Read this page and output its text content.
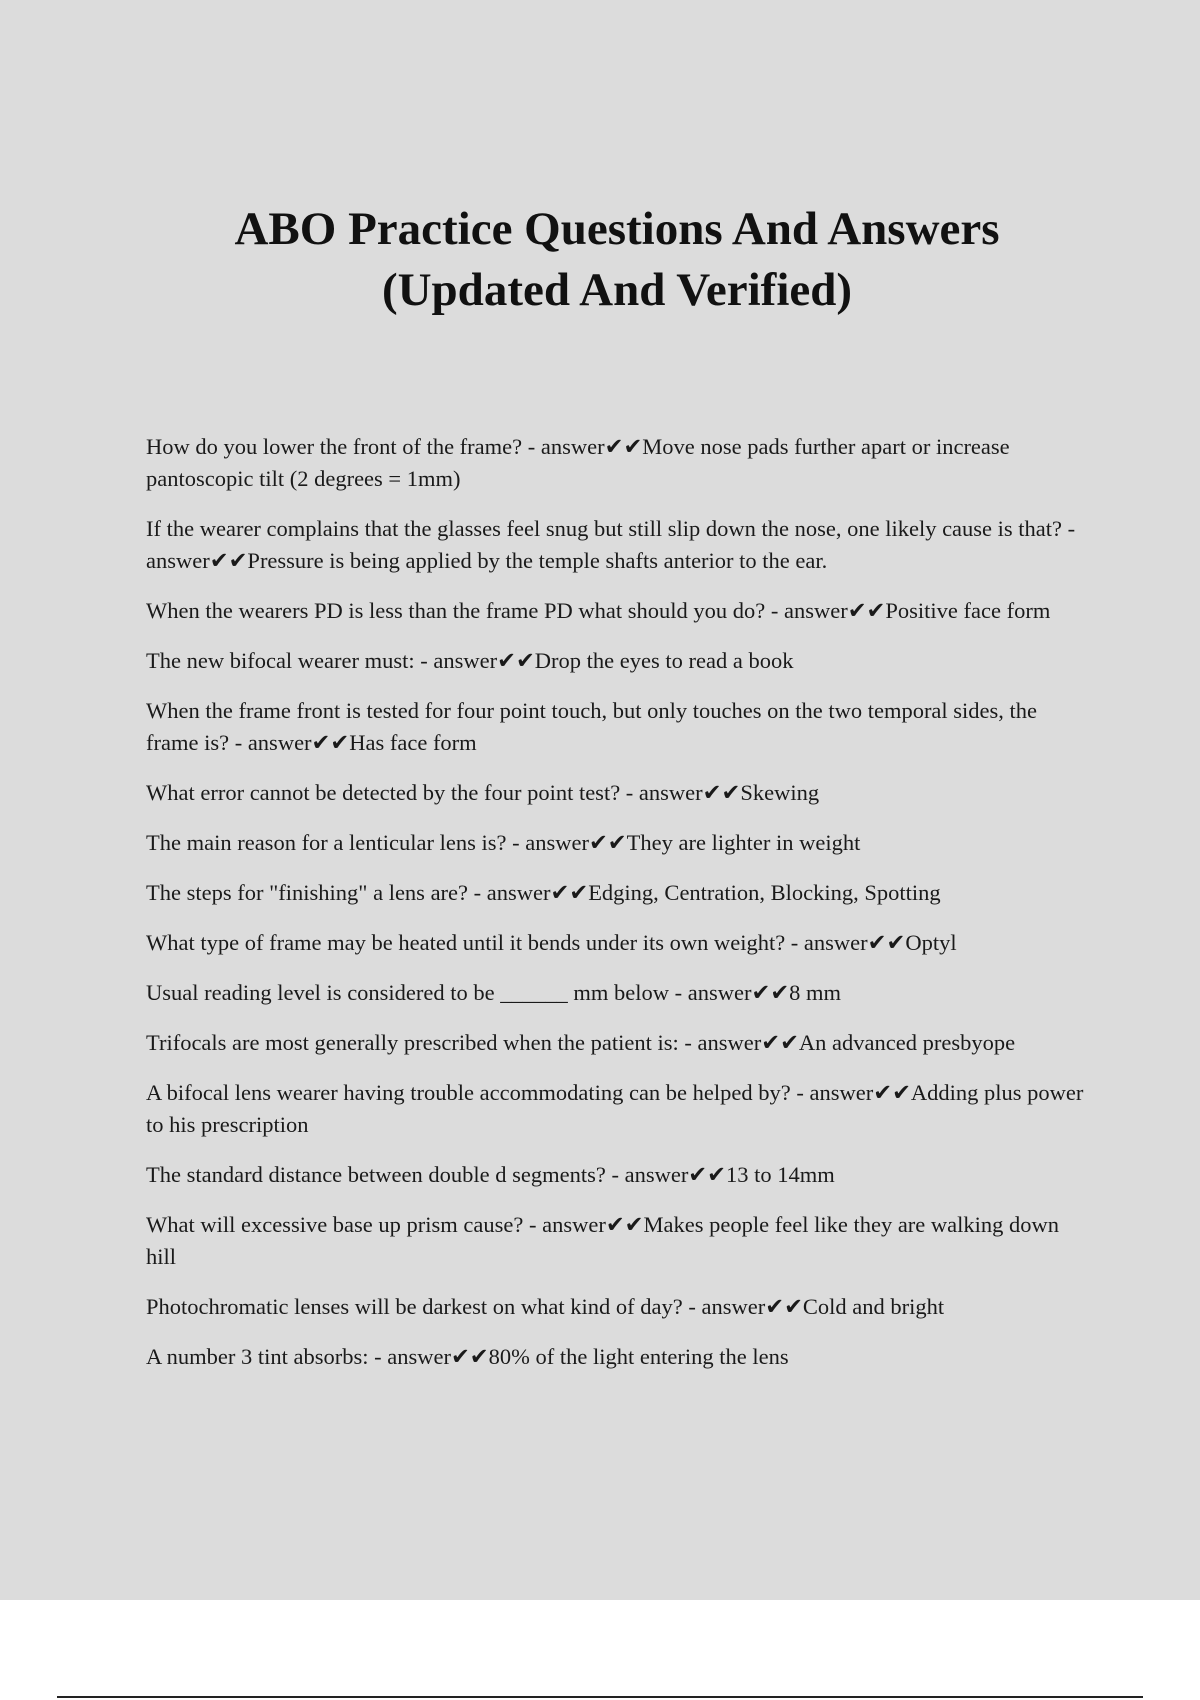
ABO Practice Questions And Answers
(Updated And Verified)

How do you lower the front of the frame? - answer✔✔Move nose pads further apart or increase pantoscopic tilt (2 degrees = 1mm)

If the wearer complains that the glasses feel snug but still slip down the nose, one likely cause is that? - answer✔✔Pressure is being applied by the temple shafts anterior to the ear.

When the wearers PD is less than the frame PD what should you do? - answer✔✔Positive face form

The new bifocal wearer must: - answer✔✔Drop the eyes to read a book

When the frame front is tested for four point touch, but only touches on the two temporal sides, the frame is? - answer✔✔Has face form

What error cannot be detected by the four point test? - answer✔✔Skewing

The main reason for a lenticular lens is? - answer✔✔They are lighter in weight

The steps for "finishing" a lens are? - answer✔✔Edging, Centration, Blocking, Spotting

What type of frame may be heated until it bends under its own weight? - answer✔✔Optyl

Usual reading level is considered to be ______ mm below - answer✔✔8 mm

Trifocals are most generally prescribed when the patient is: - answer✔✔An advanced presbyope

A bifocal lens wearer having trouble accommodating can be helped by? - answer✔✔Adding plus power to his prescription

The standard distance between double d segments? - answer✔✔13 to 14mm

What will excessive base up prism cause? - answer✔✔Makes people feel like they are walking down hill

Photochromatic lenses will be darkest on what kind of day? - answer✔✔Cold and bright

A number 3 tint absorbs: - answer✔✔80% of the light entering the lens
